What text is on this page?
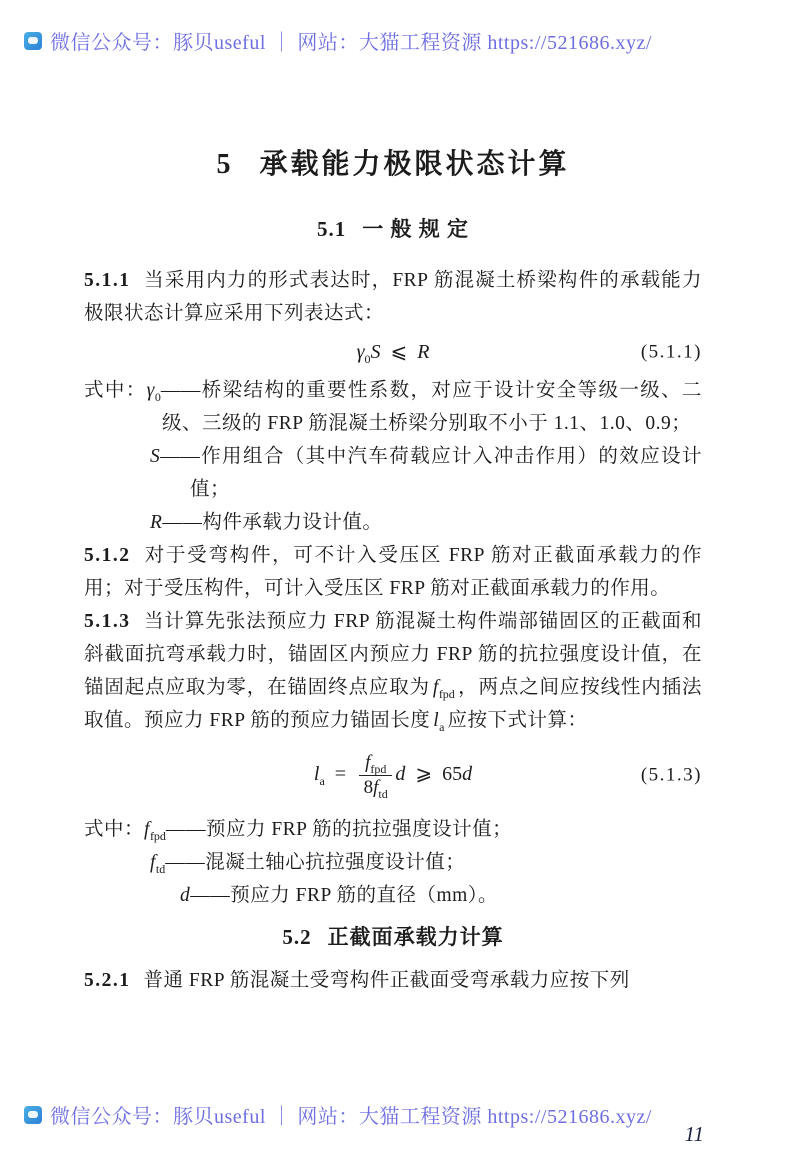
微信公众号：豚贝useful ｜ 网站：大猫工程资源 https://521686.xyz/
5 承载能力极限状态计算
5.1 一 般 规 定

5.1.1 当采用内力的形式表达时，FRP 筋混凝土桥梁构件的承载能力极限状态计算应采用下列表达式：

$\gamma_0S$ ⩽ R	(5.1.1)
式中：$\gamma_0——$桥梁结构的重要性系数，对应于设计安全等级一级、二级、三级的 FRP 筋混凝土桥梁分别取不小于 1.1、1.0、0.9；
S——作用组合（其中汽车荷载应计入冲击作用）的效应设计值；
R——构件承载力设计值。

5.1.2 对于受弯构件，可不计入受压区 FRP 筋对正截面承载力的作用；对于受压构件，可计入受压区 FRP 筋对正截面承载力的作用。

5.1.3 当计算先张法预应力 FRP 筋混凝土构件端部锚固区的正截面和斜截面抗弯承载力时，锚固区内预应力 FRP 筋的抗拉强度设计值，在锚固起点应取为零，在锚固终点应取为 $f_{fpd}$ ，两点之间应按线性内插法取值。预应力 FRP 筋的预应力锚固长度 $l_a$ 应按下式计算：

$l_a = \frac{f_{fpd}}{8f_{td}}$ d ⩾ 65d	(5.1.3)
式中：$f_{fpd}——$预应力 FRP 筋的抗拉强度设计值；
$f_{td}——$混凝土轴心抗拉强度设计值；
d——预应力 FRP 筋的直径（mm）。
5.2 正截面承载力计算

5.2.1 普通 FRP 筋混凝土受弯构件正截面受弯承载力应按下列

微信公众号：豚贝useful ｜ 网站：大猫工程资源 https://521686.xyz/
11
